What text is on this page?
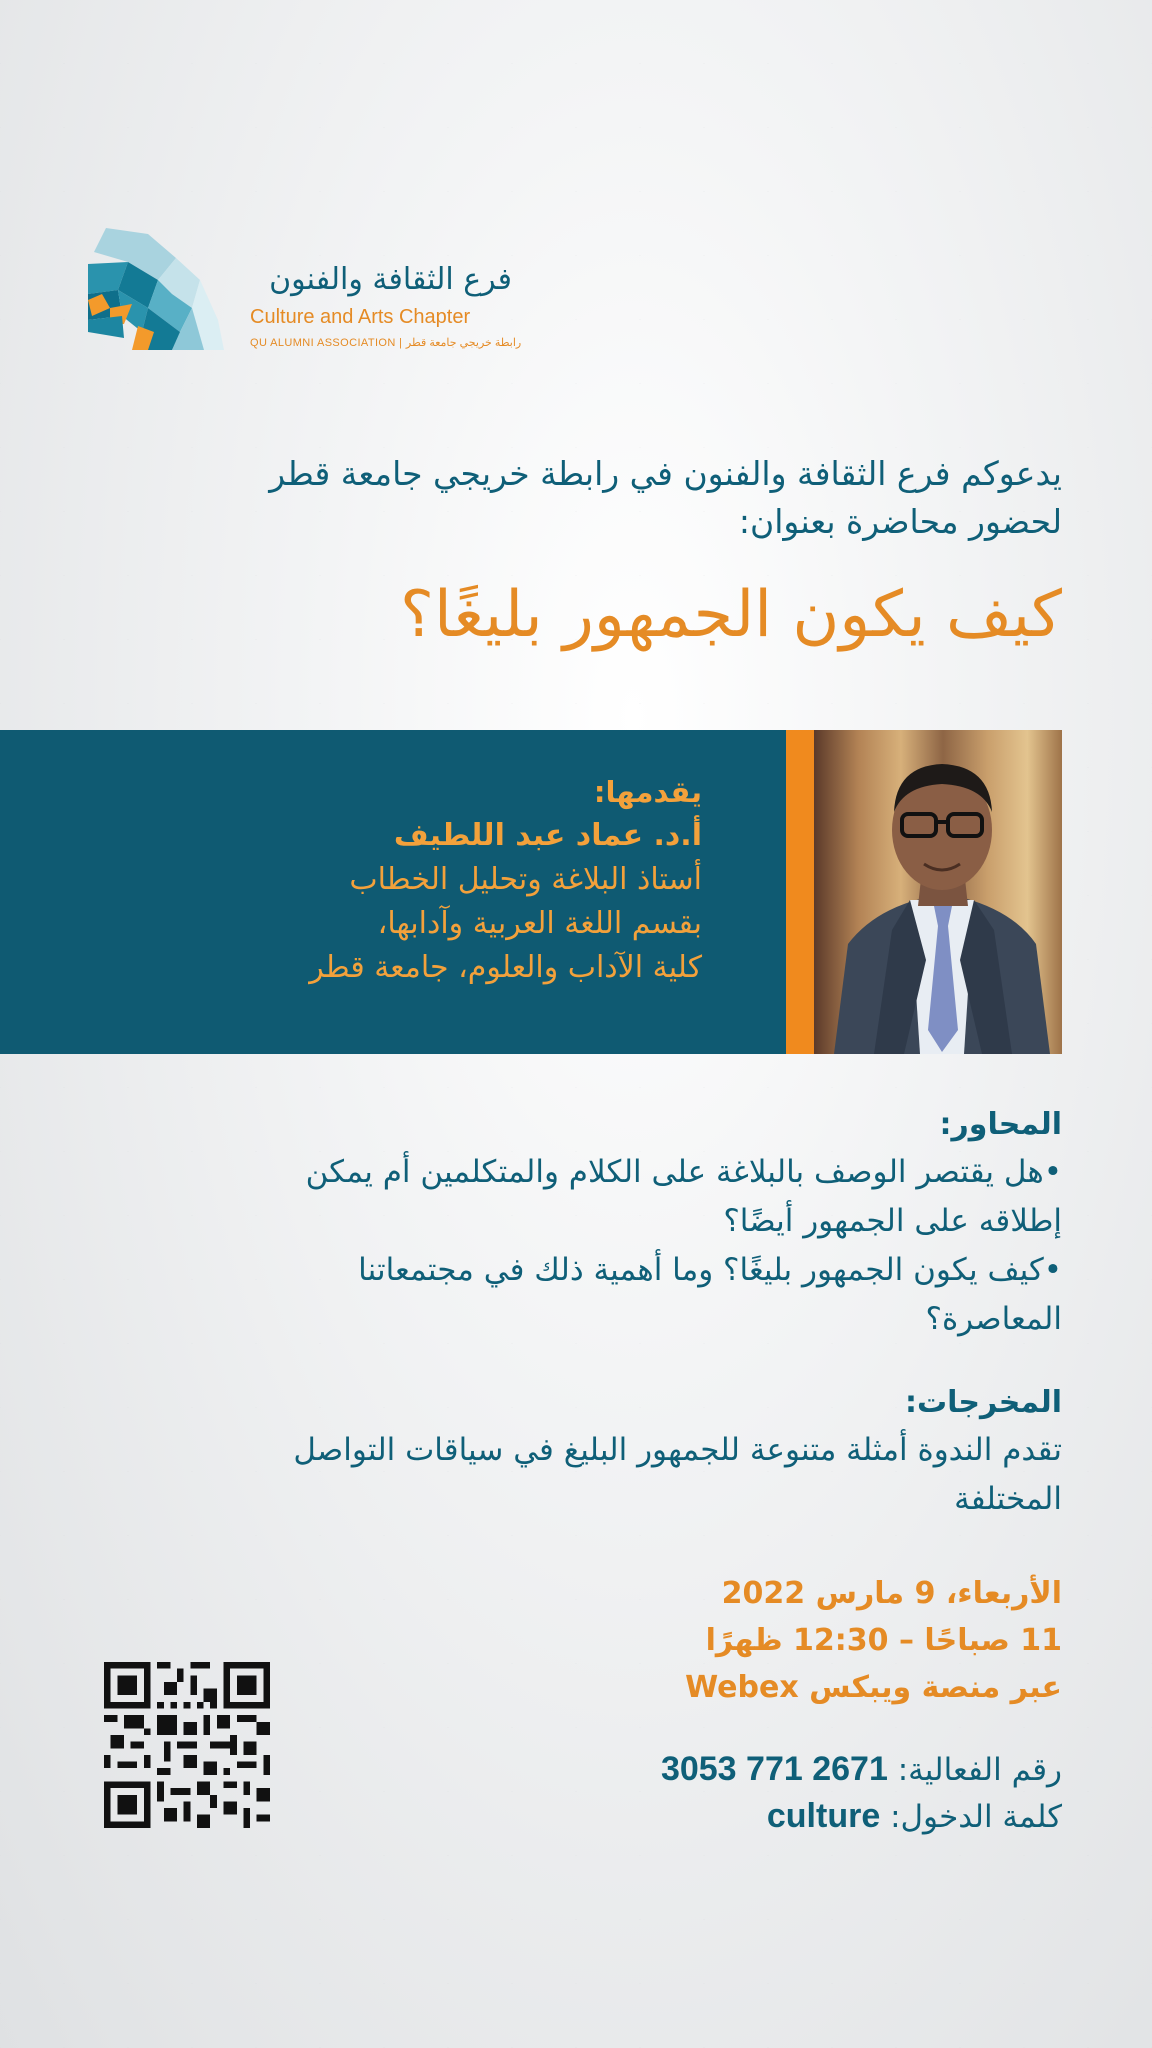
فرع الثقافة والفنون
Culture and Arts Chapter
QU ALUMNI ASSOCIATION | رابطة خريجي جامعة قطر
يدعوكم فرع الثقافة والفنون في رابطة خريجي جامعة قطر
لحضور محاضرة بعنوان:
كيف يكون الجمهور بليغًا؟
يقدمها:
أ.د. عماد عبد اللطيف
أستاذ البلاغة وتحليل الخطاب
بقسم اللغة العربية وآدابها،
كلية الآداب والعلوم، جامعة قطر
المحاور:
•هل يقتصر الوصف بالبلاغة على الكلام والمتكلمين أم يمكن
إطلاقه على الجمهور أيضًا؟
•كيف يكون الجمهور بليغًا؟ وما أهمية ذلك في مجتمعاتنا
المعاصرة؟
المخرجات:
تقدم الندوة أمثلة متنوعة للجمهور البليغ في سياقات التواصل
المختلفة
الأربعاء، 9 مارس 2022
11 صباحًا – 12:30 ظهرًا
عبر منصة ويبكس Webex
رقم الفعالية: 2671 771 3053
كلمة الدخول: culture
